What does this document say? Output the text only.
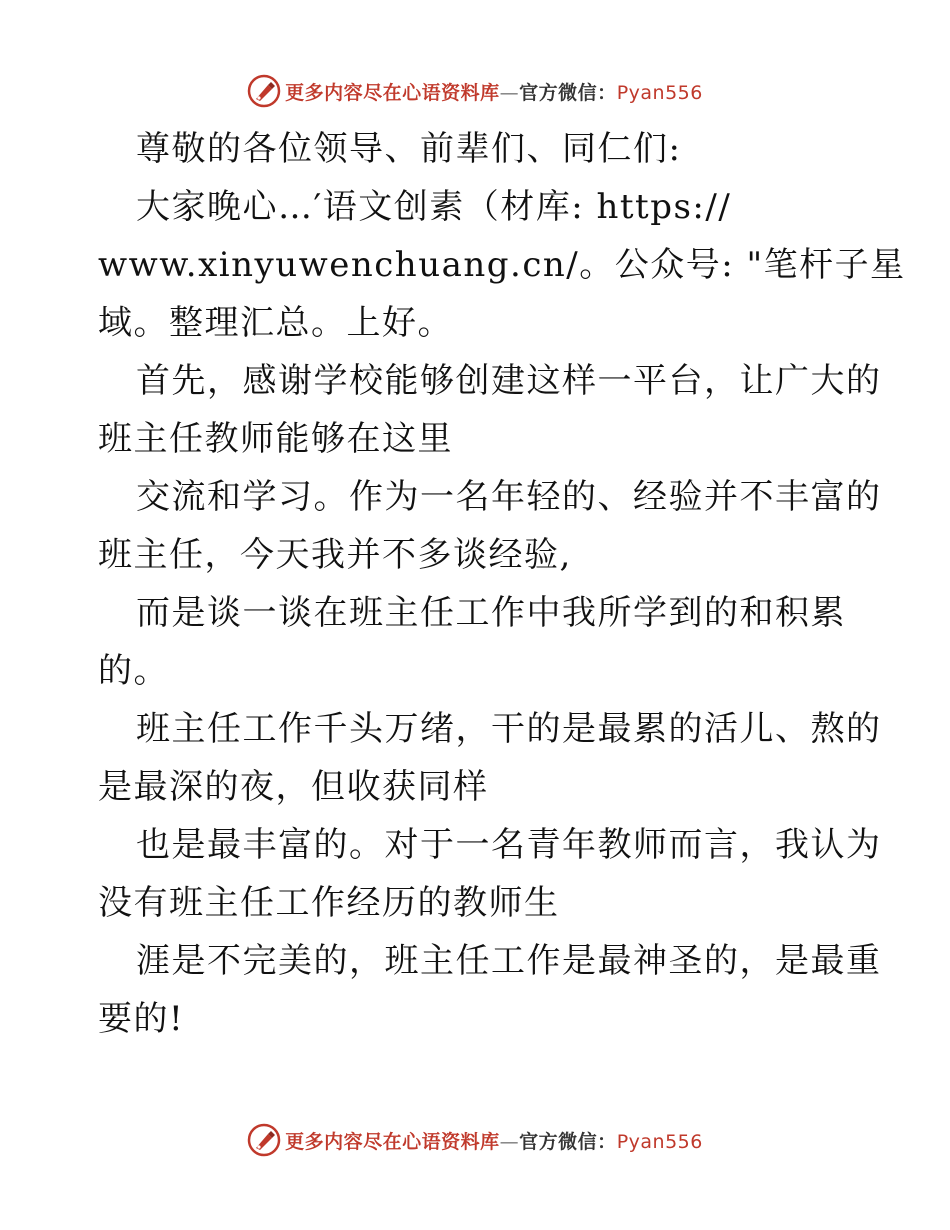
更多内容尽在心语资料库—官方微信：Pyan556
尊敬的各位领导、前辈们、同仁们:
大家晚心…′语文创素（材库: https://
www.xinyuwenchuang.cn/。公众号: "笔杆子星
域。整理汇总。上好。
首先，感谢学校能够创建这样一平台，让广大的
班主任教师能够在这里
交流和学习。作为一名年轻的、经验并不丰富的
班主任，今天我并不多谈经验,
而是谈一谈在班主任工作中我所学到的和积累
的。
班主任工作千头万绪，干的是最累的活儿、熬的
是最深的夜，但收获同样
也是最丰富的。对于一名青年教师而言，我认为
没有班主任工作经历的教师生
涯是不完美的，班主任工作是最神圣的，是最重
要的!
更多内容尽在心语资料库—官方微信：Pyan556
